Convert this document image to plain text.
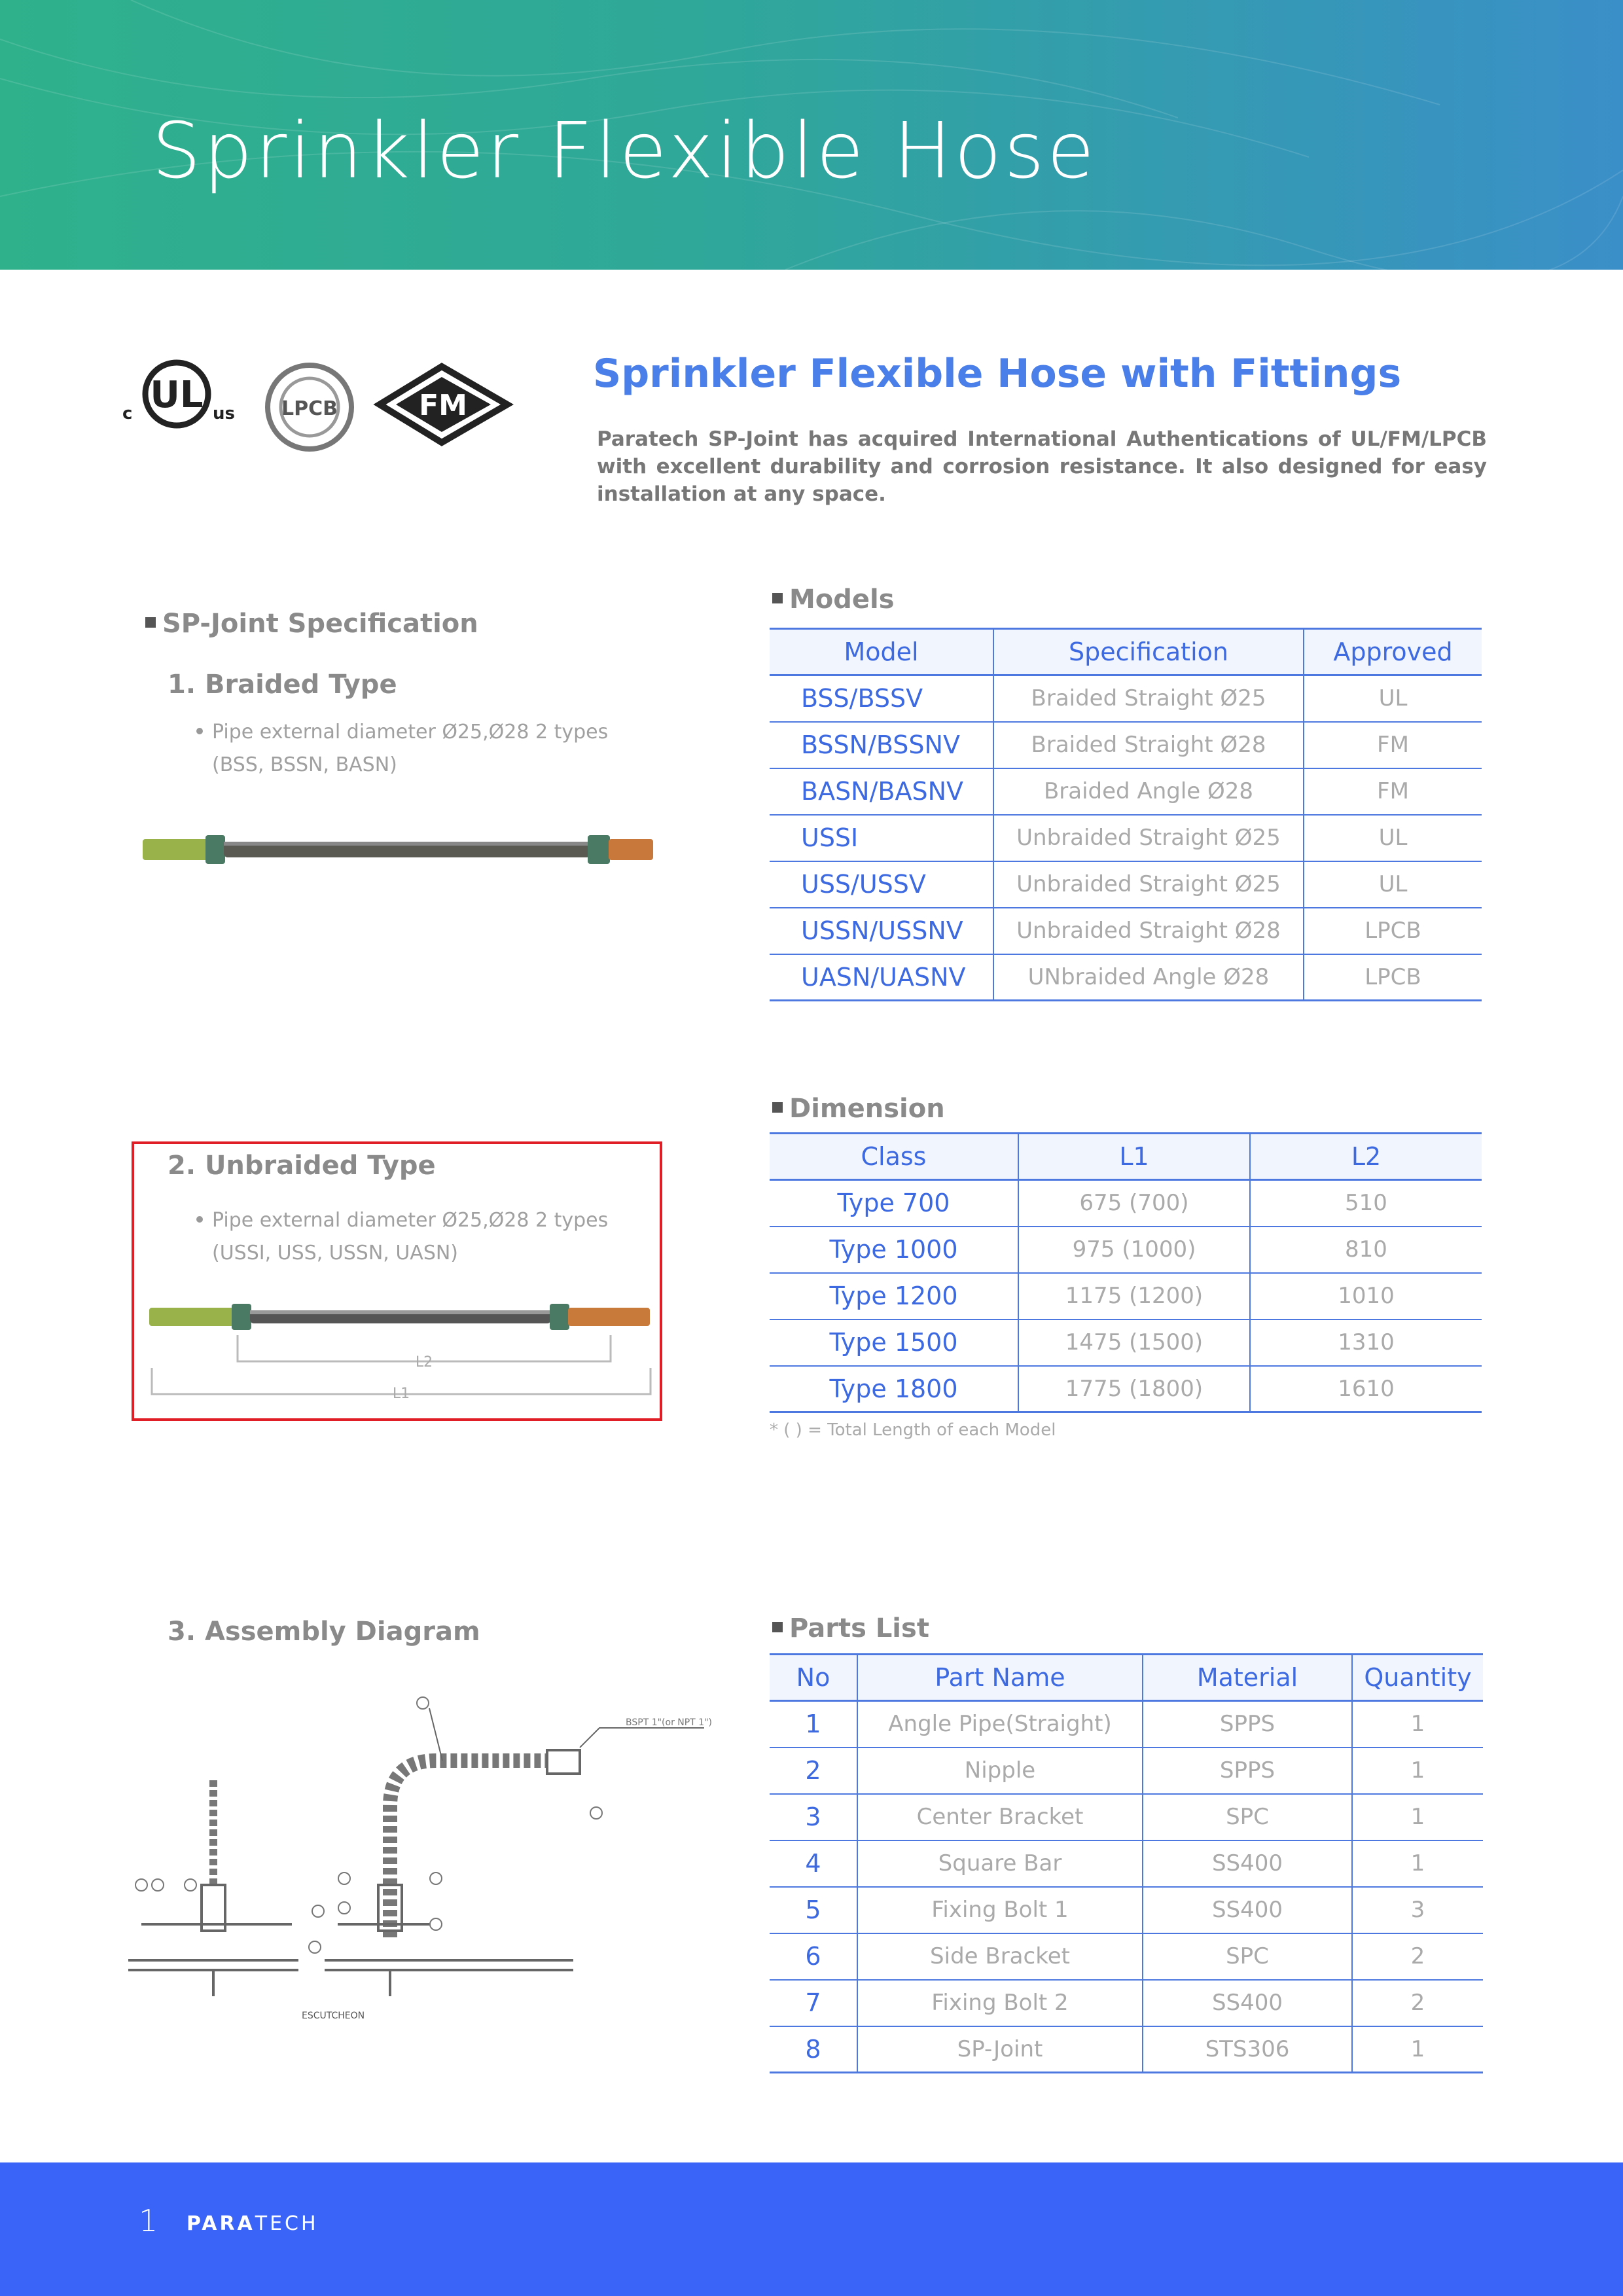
Sprinkler Flexible Hose
UL
c	us LPCB	FM
Sprinkler Flexible Hose with Fittings
Paratech SP-Joint has acquired International Authentications of UL/FM/LPCB with excellent durability and corrosion resistance. It also designed for easy installation at any space.
SP-Joint Specification
1. Braided Type
Pipe external diameter Ø25,Ø28 2 types
(BSS, BSSN, BASN)
2. Unbraided Type
Pipe external diameter Ø25,Ø28 2 types
(USSI, USS, USSN, UASN)
L2
L1
3. Assembly Diagram
BSPT 1"(or NPT 1")
ESCUTCHEON
Models
Model	Specification	Approved
BSS/BSSV	Braided Straight Ø25	UL
BSSN/BSSNV	Braided Straight Ø28	FM
BASN/BASNV	Braided Angle Ø28	FM
USSI	Unbraided Straight Ø25	UL
USS/USSV	Unbraided Straight Ø25	UL
USSN/USSNV	Unbraided Straight Ø28	LPCB
UASN/UASNV	UNbraided Angle Ø28	LPCB
Dimension
Class	L1	L2
Type 700	675 (700)	510
Type 1000	975 (1000)	810
Type 1200	1175 (1200)	1010
Type 1500	1475 (1500)	1310
Type 1800	1775 (1800)	1610
* ( ) = Total Length of each Model
Parts List
No	Part Name	Material	Quantity
1	Angle Pipe(Straight)	SPPS	1
2	Nipple	SPPS	1
3	Center Bracket	SPC	1
4	Square Bar	SS400	1
5	Fixing Bolt 1	SS400	3
6	Side Bracket	SPC	2
7	Fixing Bolt 2	SS400	2
8	SP-Joint	STS306	1
1 PARATECH
